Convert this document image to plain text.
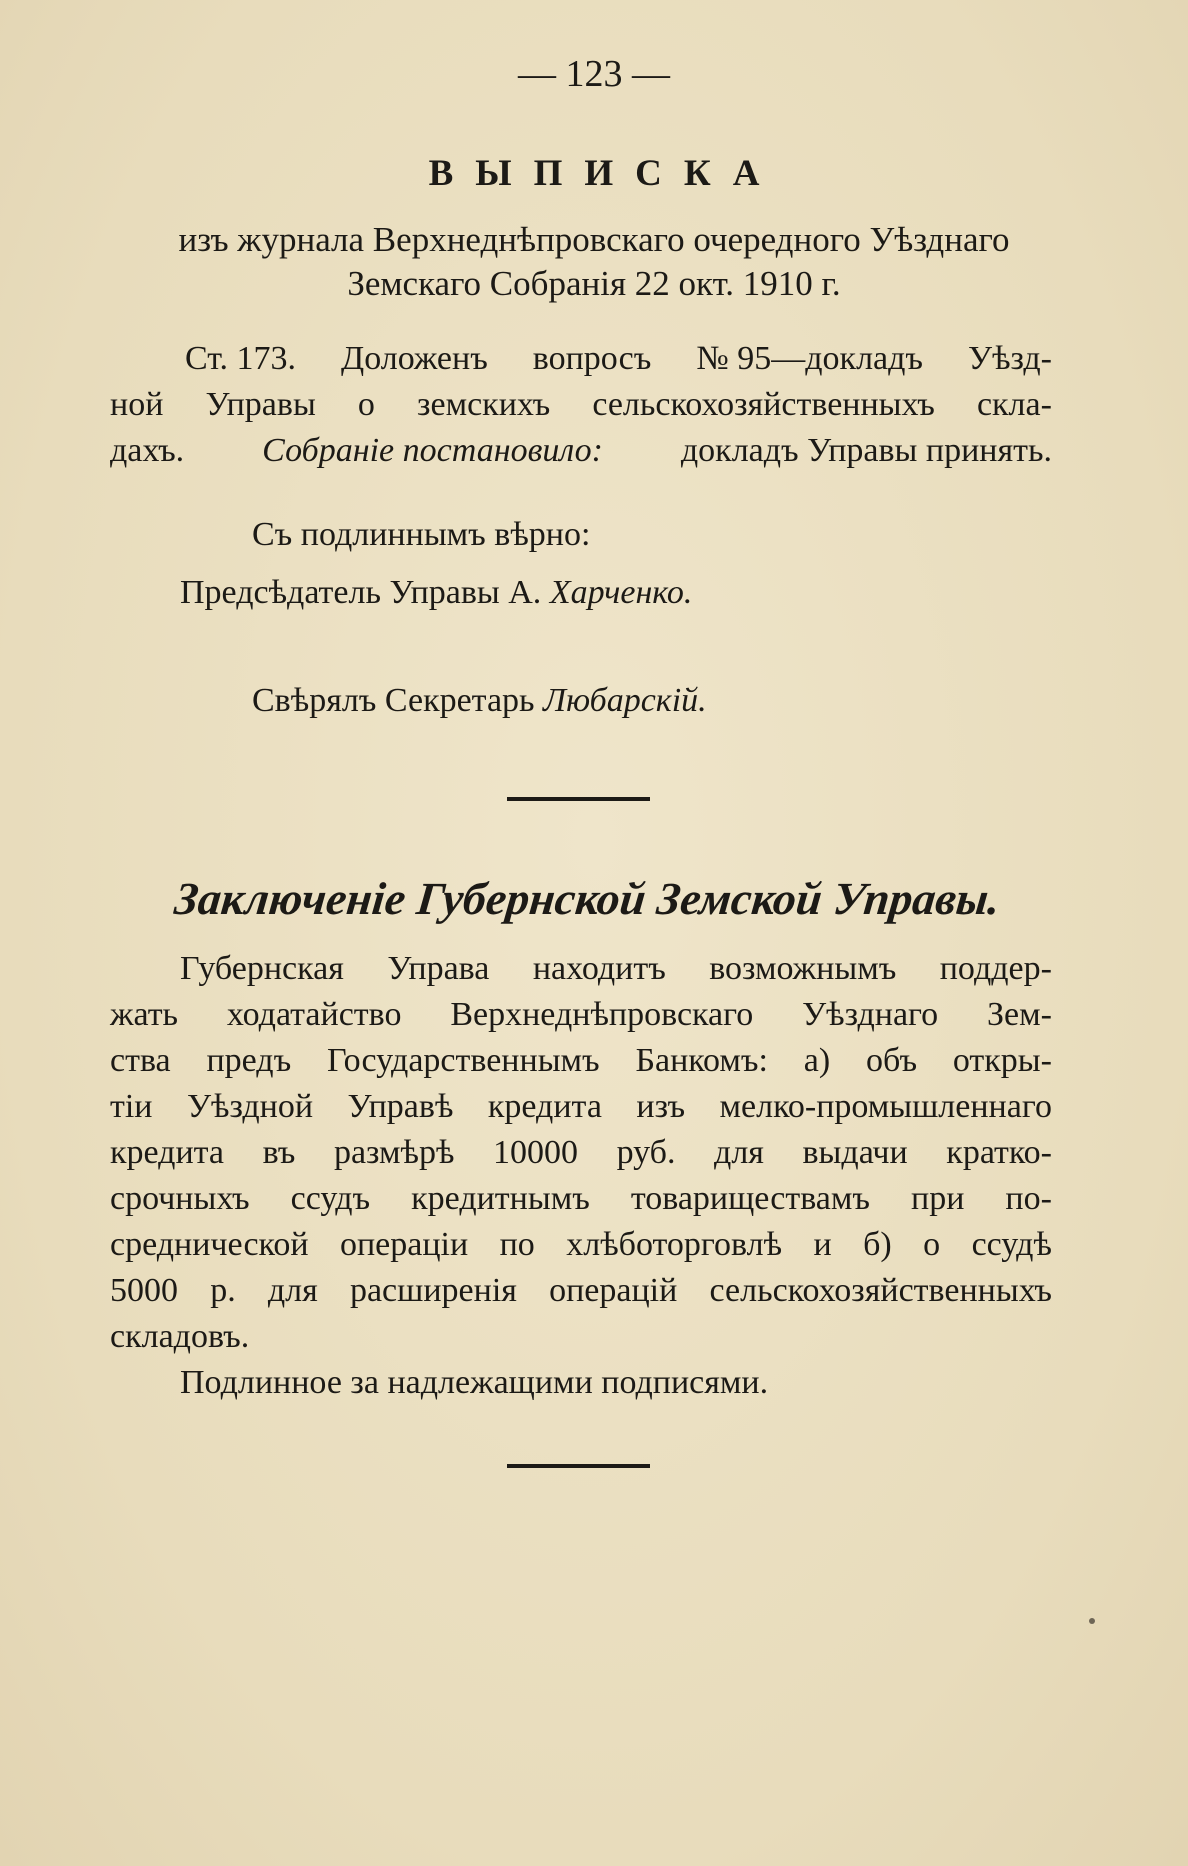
— 123 —
ВЫПИСКА
изъ журнала Верхнеднѣпровскаго очередного Уѣзднаго
Земскаго Собранія 22 окт. 1910 г.
Ст. 173. Доложенъ вопросъ № 95—докладъ Уѣзд-
ной Управы о земскихъ сельскохозяйственныхъ скла-
дахъ. Собраніе постановило: докладъ Управы принять.
Съ подлиннымъ вѣрно:
Предсѣдатель Управы А. Харченко.
Свѣрялъ Секретарь Любарскій.
Заключеніе Губернской Земской Управы.
Губернская Управа находитъ возможнымъ поддер-
жать ходатайство Верхнеднѣпровскаго Уѣзднаго Зем-
ства предъ Государственнымъ Банкомъ: а) объ откры-
тіи Уѣздной Управѣ кредита изъ мелко-промышленнаго
кредита въ размѣрѣ 10000 руб. для выдачи кратко-
срочныхъ ссудъ кредитнымъ товариществамъ при по-
среднической операціи по хлѣботорговлѣ и б) о ссудѣ
5000 р. для расширенія операцій сельскохозяйственныхъ
складовъ.
Подлинное за надлежащими подписями.
